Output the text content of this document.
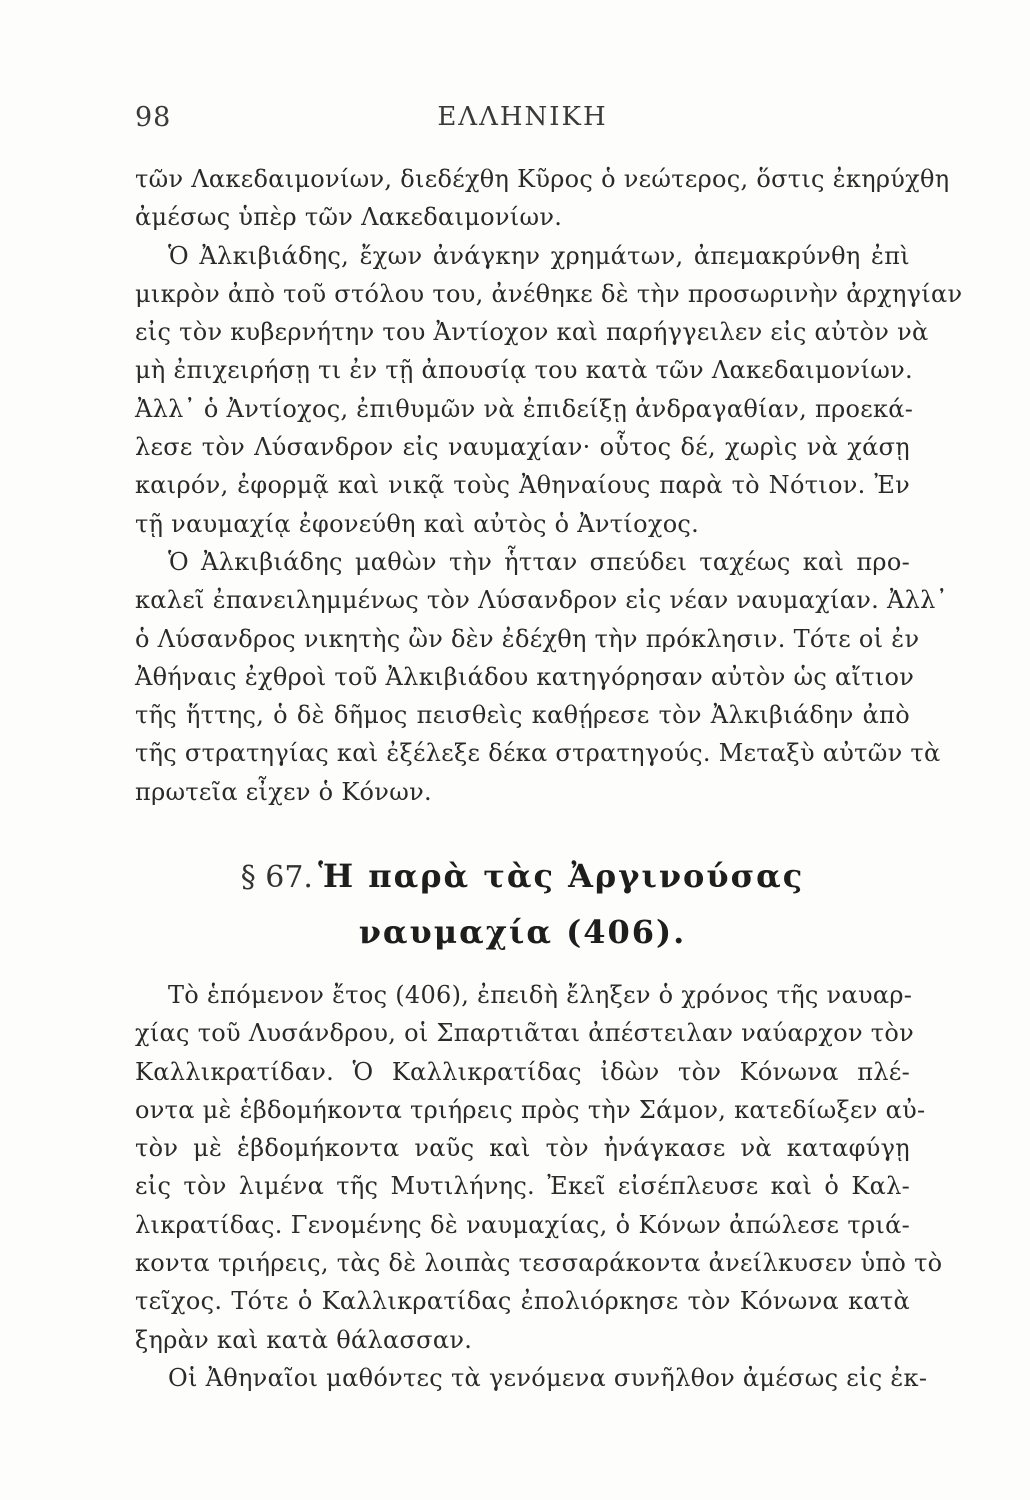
98	ΕΛΛΗΝΙΚΗ
τῶν Λακεδαιμονίων, διεδέχθη Κῦρος ὁ νεώτερος, ὅστις ἐκηρύχθη
ἀμέσως ὑπὲρ τῶν Λακεδαιμονίων.
Ὁ Ἀλκιβιάδης, ἔχων ἀνάγκην χρημάτων, ἀπεμακρύνθη ἐπὶ
μικρὸν ἀπὸ τοῦ στόλου του, ἀνέθηκε δὲ τὴν προσωρινὴν ἀρχηγίαν
εἰς τὸν κυβερνήτην του Ἀντίοχον καὶ παρήγγειλεν εἰς αὐτὸν νὰ
μὴ ἐπιχειρήσῃ τι ἐν τῇ ἀπουσίᾳ του κατὰ τῶν Λακεδαιμονίων.
Ἀλλ᾽ ὁ Ἀντίοχος, ἐπιθυμῶν νὰ ἐπιδείξῃ ἀνδραγαθίαν, προεκά-
λεσε τὸν Λύσανδρον εἰς ναυμαχίαν· οὗτος δέ, χωρὶς νὰ χάσῃ
καιρόν, ἐφορμᾷ καὶ νικᾷ τοὺς Ἀθηναίους παρὰ τὸ Νότιον. Ἐν
τῇ ναυμαχίᾳ ἐφονεύθη καὶ αὐτὸς ὁ Ἀντίοχος.
Ὁ Ἀλκιβιάδης μαθὼν τὴν ἧτταν σπεύδει ταχέως καὶ προ-
καλεῖ ἐπανειλημμένως τὸν Λύσανδρον εἰς νέαν ναυμαχίαν. Ἀλλ᾽
ὁ Λύσανδρος νικητὴς ὢν δὲν ἐδέχθη τὴν πρόκλησιν. Τότε οἱ ἐν
Ἀθήναις ἐχθροὶ τοῦ Ἀλκιβιάδου κατηγόρησαν αὐτὸν ὡς αἴτιον
τῆς ἥττης, ὁ δὲ δῆμος πεισθεὶς καθῄρεσε τὸν Ἀλκιβιάδην ἀπὸ
τῆς στρατηγίας καὶ ἐξέλεξε δέκα στρατηγούς. Μεταξὺ αὐτῶν τὰ
πρωτεῖα εἶχεν ὁ Κόνων.
§ 67. Ἡ παρὰ τὰς Ἀργινούσας
ναυμαχία (406).
Τὸ ἑπόμενον ἔτος (406), ἐπειδὴ ἔληξεν ὁ χρόνος τῆς ναυαρ-
χίας τοῦ Λυσάνδρου, οἱ Σπαρτιᾶται ἀπέστειλαν ναύαρχον τὸν
Καλλικρατίδαν. Ὁ Καλλικρατίδας ἰδὼν τὸν Κόνωνα πλέ-
οντα μὲ ἑβδομήκοντα τριήρεις πρὸς τὴν Σάμον, κατεδίωξεν αὐ-
τὸν μὲ ἑβδομήκοντα ναῦς καὶ τὸν ἠνάγκασε νὰ καταφύγῃ
εἰς τὸν λιμένα τῆς Μυτιλήνης. Ἐκεῖ εἰσέπλευσε καὶ ὁ Καλ-
λικρατίδας. Γενομένης δὲ ναυμαχίας, ὁ Κόνων ἀπώλεσε τριά-
κοντα τριήρεις, τὰς δὲ λοιπὰς τεσσαράκοντα ἀνείλκυσεν ὑπὸ τὸ
τεῖχος. Τότε ὁ Καλλικρατίδας ἐπολιόρκησε τὸν Κόνωνα κατὰ
ξηρὰν καὶ κατὰ θάλασσαν.
Οἱ Ἀθηναῖοι μαθόντες τὰ γενόμενα συνῆλθον ἀμέσως εἰς ἐκ-
